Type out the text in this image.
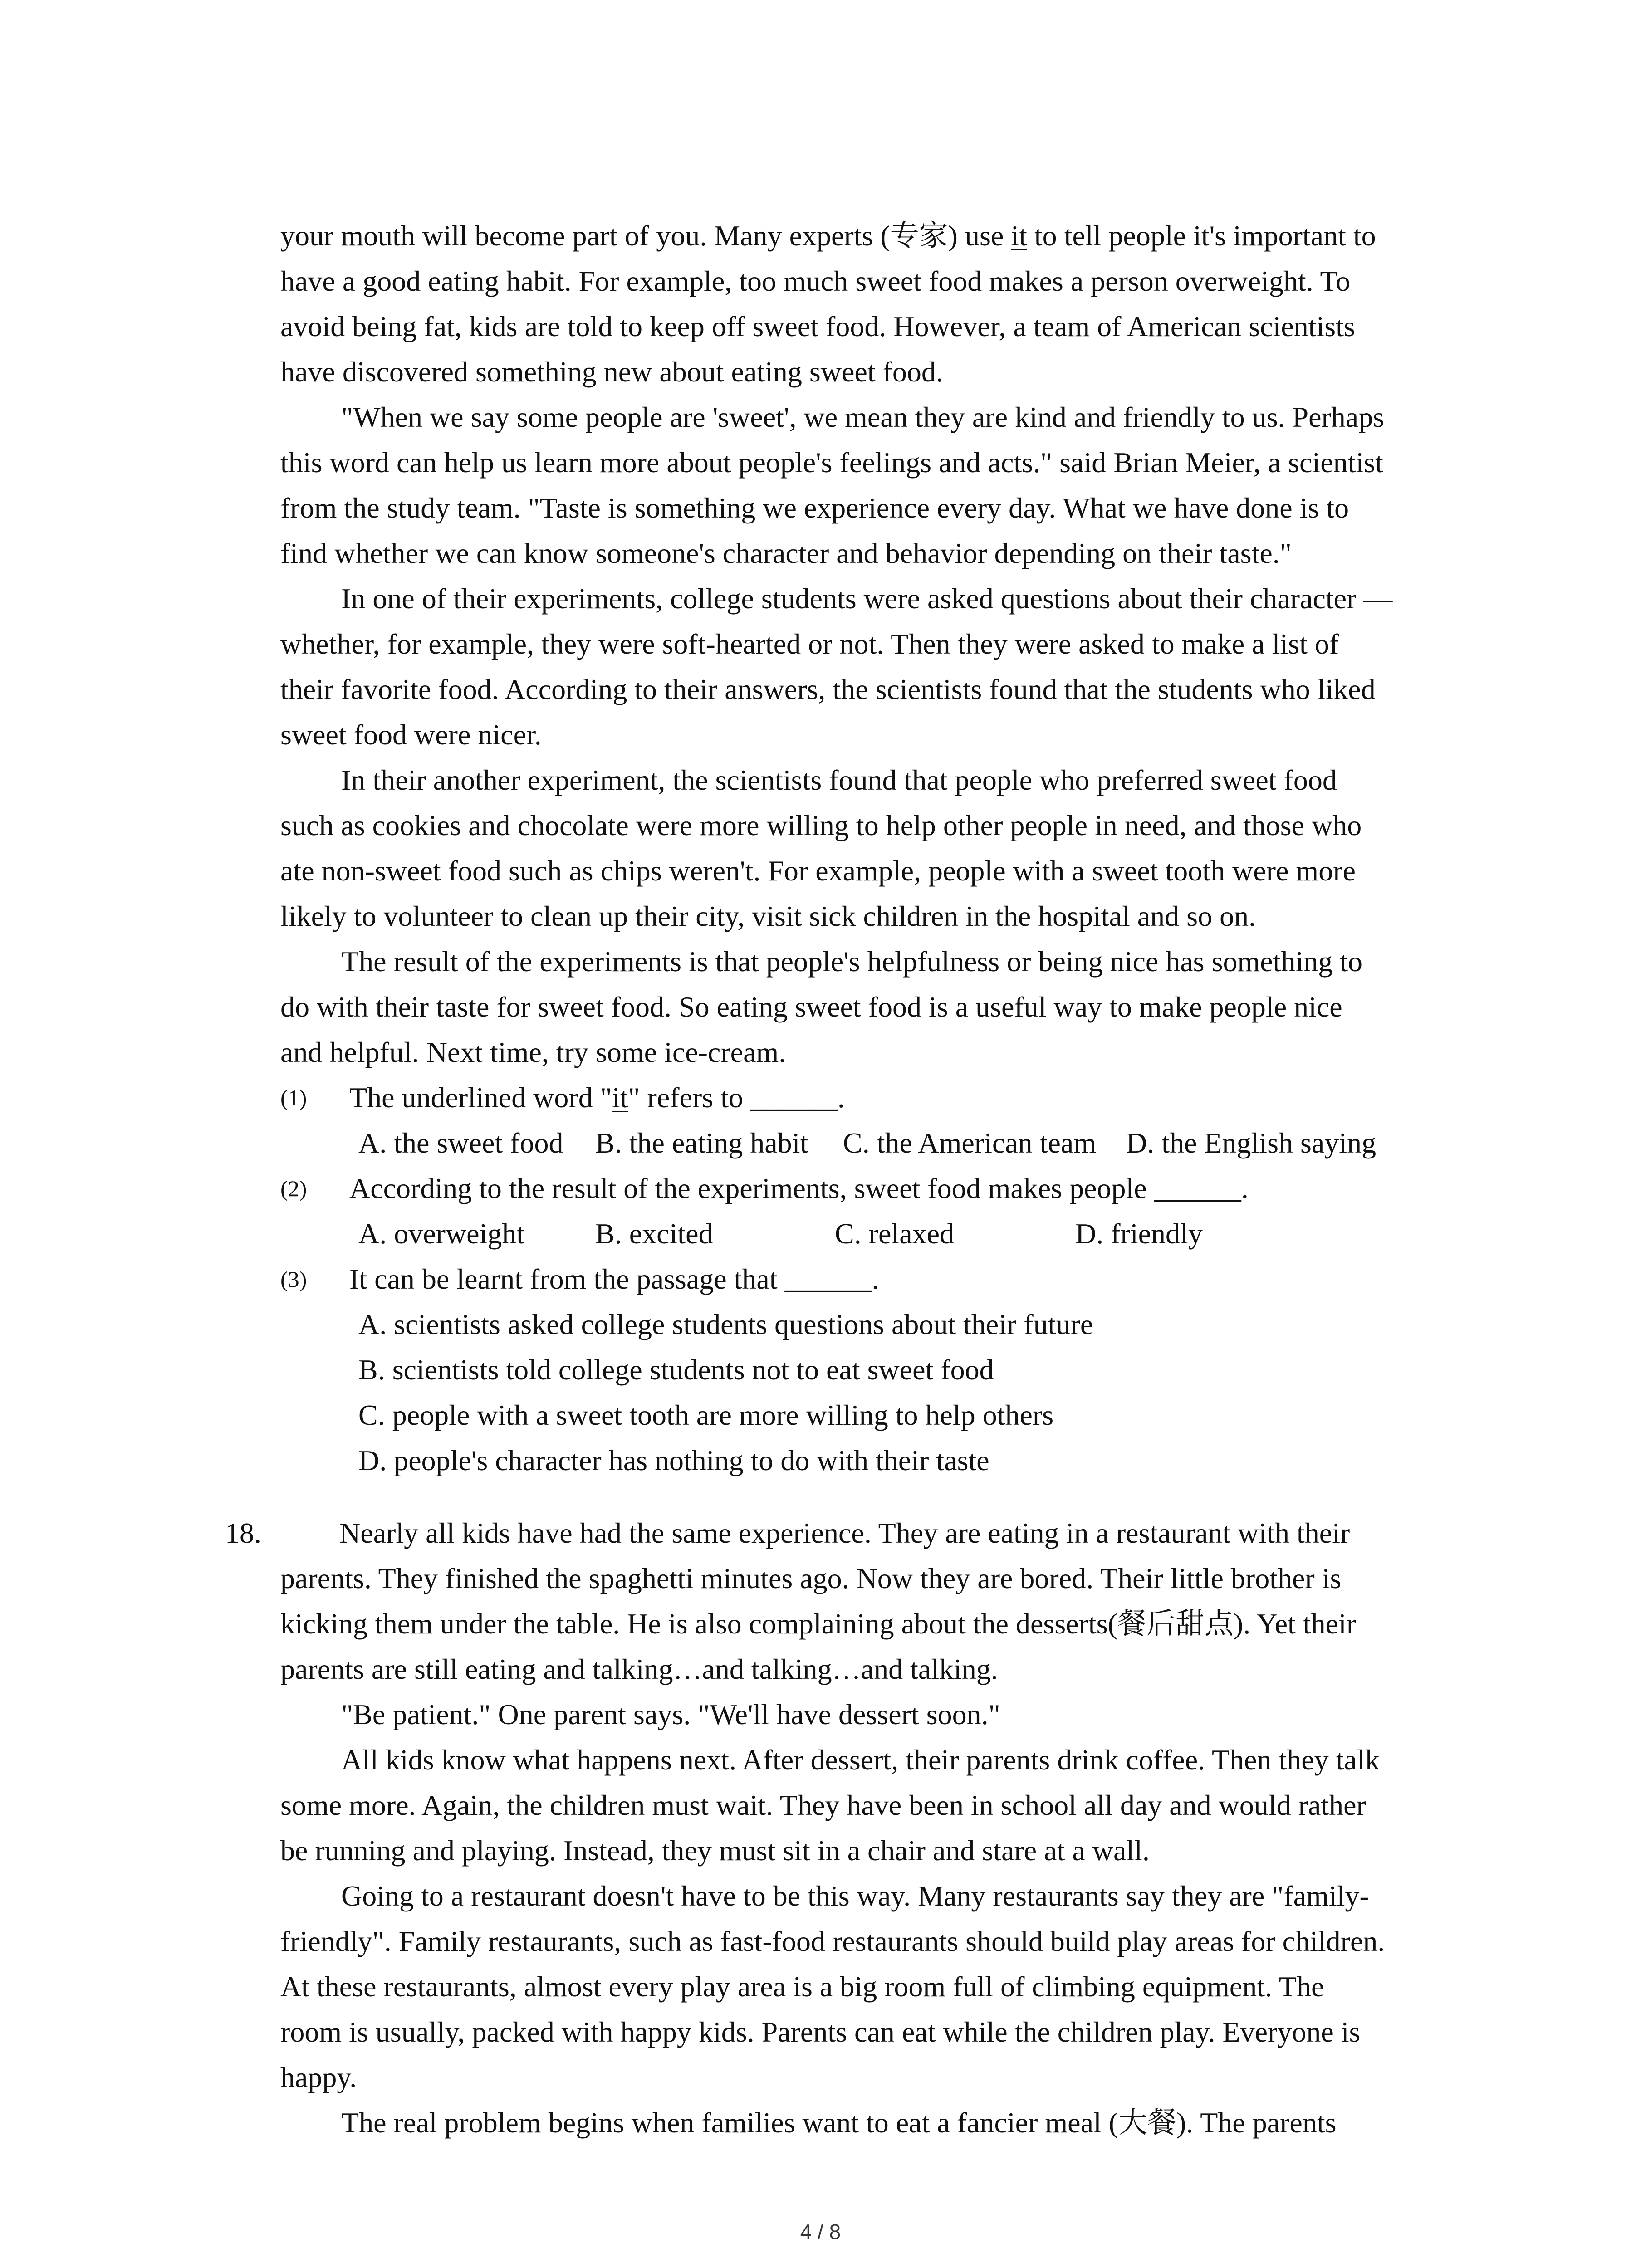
your mouth will become part of you. Many experts (专家) use it to tell people it's important to
have a good eating habit. For example, too much sweet food makes a person overweight. To
avoid being fat, kids are told to keep off sweet food. However, a team of American scientists
have discovered something new about eating sweet food.
"When we say some people are 'sweet', we mean they are kind and friendly to us. Perhaps
this word can help us learn more about people's feelings and acts." said Brian Meier, a scientist
from the study team. "Taste is something we experience every day. What we have done is to
find whether we can know someone's character and behavior depending on their taste."
In one of their experiments, college students were asked questions about their character —
whether, for example, they were soft-hearted or not. Then they were asked to make a list of
their favorite food. According to their answers, the scientists found that the students who liked
sweet food were nicer.
In their another experiment, the scientists found that people who preferred sweet food
such as cookies and chocolate were more willing to help other people in need, and those who
ate non-sweet food such as chips weren't. For example, people with a sweet tooth were more
likely to volunteer to clean up their city, visit sick children in the hospital and so on.
The result of the experiments is that people's helpfulness or being nice has something to
do with their taste for sweet food. So eating sweet food is a useful way to make people nice
and helpful. Next time, try some ice-cream.
(1) The underlined word "it" refers to ______.
A. the sweet food B. the eating habit C. the American team D. the English saying
(2) According to the result of the experiments, sweet food makes people ______.
A. overweight B. excited	C. relaxed	D. friendly
(3) It can be learnt from the passage that ______.
A. scientists asked college students questions about their future
B. scientists told college students not to eat sweet food
C. people with a sweet tooth are more willing to help others
D. people's character has nothing to do with their taste
18.	Nearly all kids have had the same experience. They are eating in a restaurant with their
parents. They finished the spaghetti minutes ago. Now they are bored. Their little brother is
kicking them under the table. He is also complaining about the desserts(餐后甜点). Yet their
parents are still eating and talking…and talking…and talking.
"Be patient." One parent says. "We'll have dessert soon."
All kids know what happens next. After dessert, their parents drink coffee. Then they talk
some more. Again, the children must wait. They have been in school all day and would rather
be running and playing. Instead, they must sit in a chair and stare at a wall.
Going to a restaurant doesn't have to be this way. Many restaurants say they are "family-
friendly". Family restaurants, such as fast-food restaurants should build play areas for children.
At these restaurants, almost every play area is a big room full of climbing equipment. The
room is usually, packed with happy kids. Parents can eat while the children play. Everyone is
happy.
The real problem begins when families want to eat a fancier meal (大餐). The parents
4 / 8
